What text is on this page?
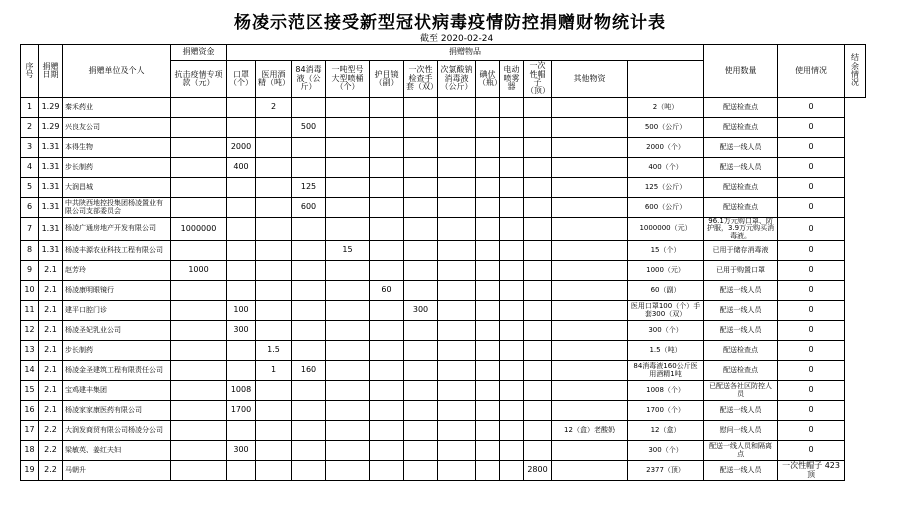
杨凌示范区接受新型冠状病毒疫情防控捐赠财物统计表
截至 2020-02-24
序号	捐赠日期	捐赠单位及个人	捐赠资金	捐赠物品												使用数量	使用情况	结余情况
			抗击疫情专项款（元）	口罩（个）	医用酒精（吨）	84消毒液（公斤）	一吨型号大型喷桶（个）	护目镜（副）	一次性检查手套（双）	次氯酸钠消毒液（公斤）	碘伏（瓶）	电动喷雾器	一次性帽子（顶）	其他物资				
1	1.29	秦禾药业			2										2（吨）	配送检查点	0	
2	1.29	兴良友公司				500									500（公斤）	配送检查点	0	
3	1.31	本得生物		2000											2000（个）	配送一线人员	0	
4	1.31	步长制药		400											400（个）	配送一线人员	0	
5	1.31	大润昌城				125									125（公斤）	配送检查点	0	
6	1.31	中共陕西地控投集团杨凌置业有限公司支部委员会				600									600（公斤）	配送检查点	0	
7	1.31	杨凌广通房地产开发有限公司	1000000												1000000（元）	96.1万元购口罩、防护服，3.9万元购买消毒液。	0	
8	1.31	杨凌丰源农业科技工程有限公司					15								15（个）	已用于储存消毒液	0	
9	2.1	赵芳玲	1000												1000（元）	已用于购置口罩	0	
10	2.1	杨凌康明眼镜行						60							60（副）	配送一线人员	0	
11	2.1	建平口腔门诊		100					300						医用口罩100（个）手套300（双）	配送一线人员	0	
12	2.1	杨凌圣妃乳业公司		300											300（个）	配送一线人员	0	
13	2.1	步长制药			1.5										1.5（吨）	配送检查点	0	
14	2.1	杨凌金圣建筑工程有限责任公司			1	160									84消毒液160公斤医用酒精1吨	配送检查点	0	
15	2.1	宝鸡建丰集团		1008											1008（个）	已配送各社区防控人员	0	
16	2.1	杨凌家家康医药有限公司		1700											1700（个）	配送一线人员	0	
17	2.2	大润发商贸有限公司杨凌分公司												12（盒）老酸奶	12（盒）	慰问一线人员	0	
18	2.2	梁敏英、姜红夫妇		300											300（个）	配送一线人员和隔离点	0	
19	2.2	马朝升											2800		2377（顶）	配送一线人员	一次性帽子 423顶	
